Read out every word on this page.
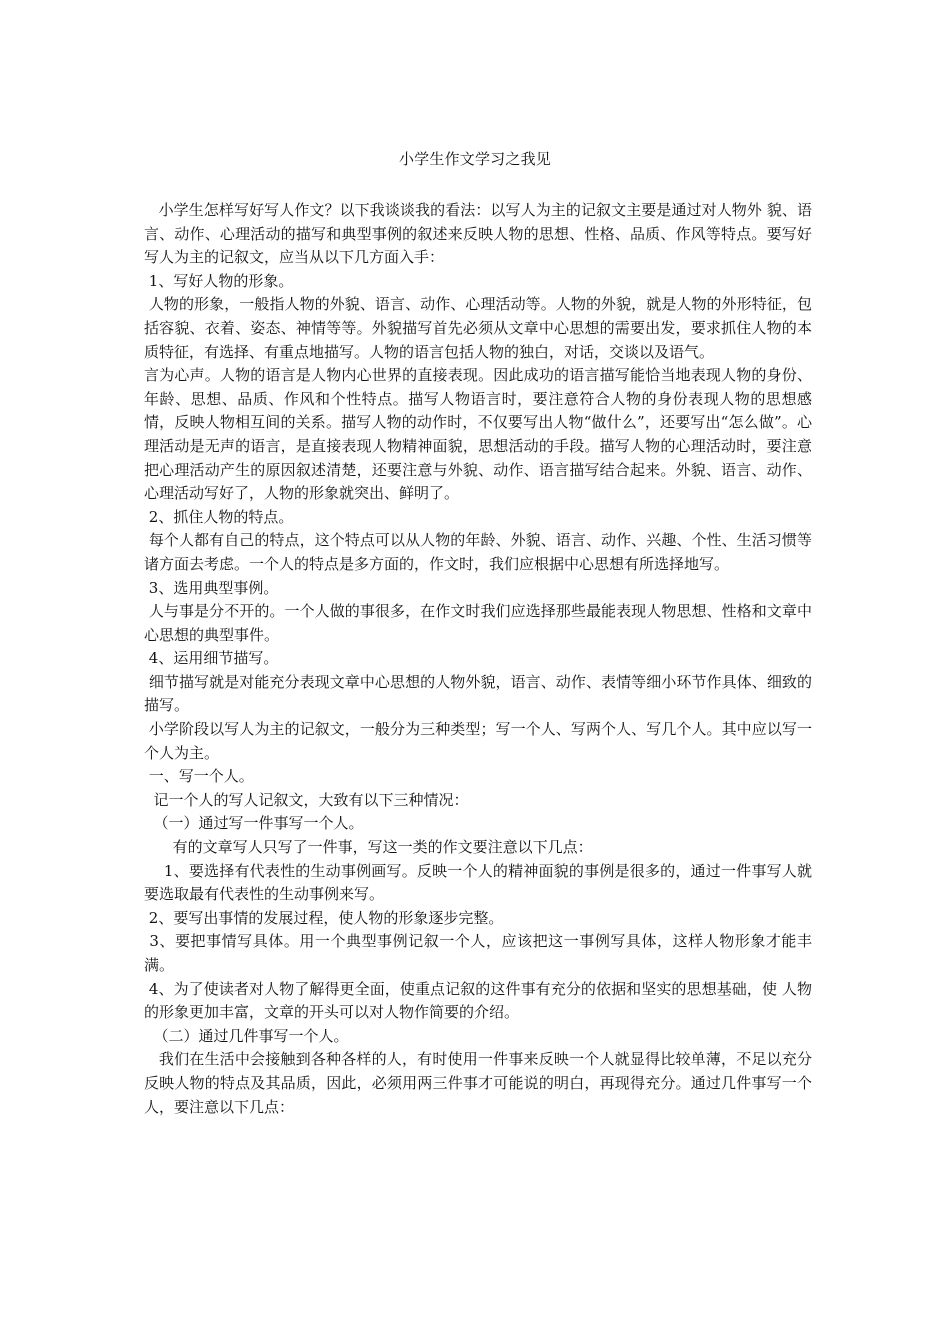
小学生作文学习之我见

小学生怎样写好写人作文？以下我谈谈我的看法：以写人为主的记叙文主要是通过对人物外 貌、语言、动作、心理活动的描写和典型事例的叙述来反映人物的思想、性格、品质、作风等特点。要写好写人为主的记叙文，应当从以下几方面入手：

1、写好人物的形象。

人物的形象，一般指人物的外貌、语言、动作、心理活动等。人物的外貌，就是人物的外形特征，包括容貌、衣着、姿态、神情等等。外貌描写首先必须从文章中心思想的需要出发，要求抓住人物的本质特征，有选择、有重点地描写。人物的语言包括人物的独白，对话，交谈以及语气。

言为心声。人物的语言是人物内心世界的直接表现。因此成功的语言描写能恰当地表现人物的身份、年龄、思想、品质、作风和个性特点。描写人物语言时，要注意符合人物的身份表现人物的思想感情，反映人物相互间的关系。描写人物的动作时，不仅要写出人物“做什么”，还要写出“怎么做”。心理活动是无声的语言，是直接表现人物精神面貌，思想活动的手段。描写人物的心理活动时，要注意把心理活动产生的原因叙述清楚，还要注意与外貌、动作、语言描写结合起来。外貌、语言、动作、心理活动写好了，人物的形象就突出、鲜明了。

2、抓住人物的特点。

每个人都有自己的特点，这个特点可以从人物的年龄、外貌、语言、动作、兴趣、个性、生活习惯等诸方面去考虑。一个人的特点是多方面的，作文时，我们应根据中心思想有所选择地写。

3、选用典型事例。

人与事是分不开的。一个人做的事很多，在作文时我们应选择那些最能表现人物思想、性格和文章中心思想的典型事件。

4、运用细节描写。

细节描写就是对能充分表现文章中心思想的人物外貌，语言、动作、表情等细小环节作具体、细致的描写。

小学阶段以写人为主的记叙文，一般分为三种类型；写一个人、写两个人、写几个人。其中应以写一个人为主。

一、写一个人。

记一个人的写人记叙文，大致有以下三种情况：

（一）通过写一件事写一个人。

有的文章写人只写了一件事，写这一类的作文要注意以下几点：

1、要选择有代表性的生动事例画写。反映一个人的精神面貌的事例是很多的，通过一件事写人就要选取最有代表性的生动事例来写。

2、要写出事情的发展过程，使人物的形象逐步完整。

3、要把事情写具体。用一个典型事例记叙一个人，应该把这一事例写具体，这样人物形象才能丰满。

4、为了使读者对人物了解得更全面，使重点记叙的这件事有充分的依据和坚实的思想基础，使 人物的形象更加丰富，文章的开头可以对人物作简要的介绍。

（二）通过几件事写一个人。

我们在生活中会接触到各种各样的人，有时使用一件事来反映一个人就显得比较单薄，不足以充分反映人物的特点及其品质，因此，必须用两三件事才可能说的明白，再现得充分。通过几件事写一个人，要注意以下几点：
